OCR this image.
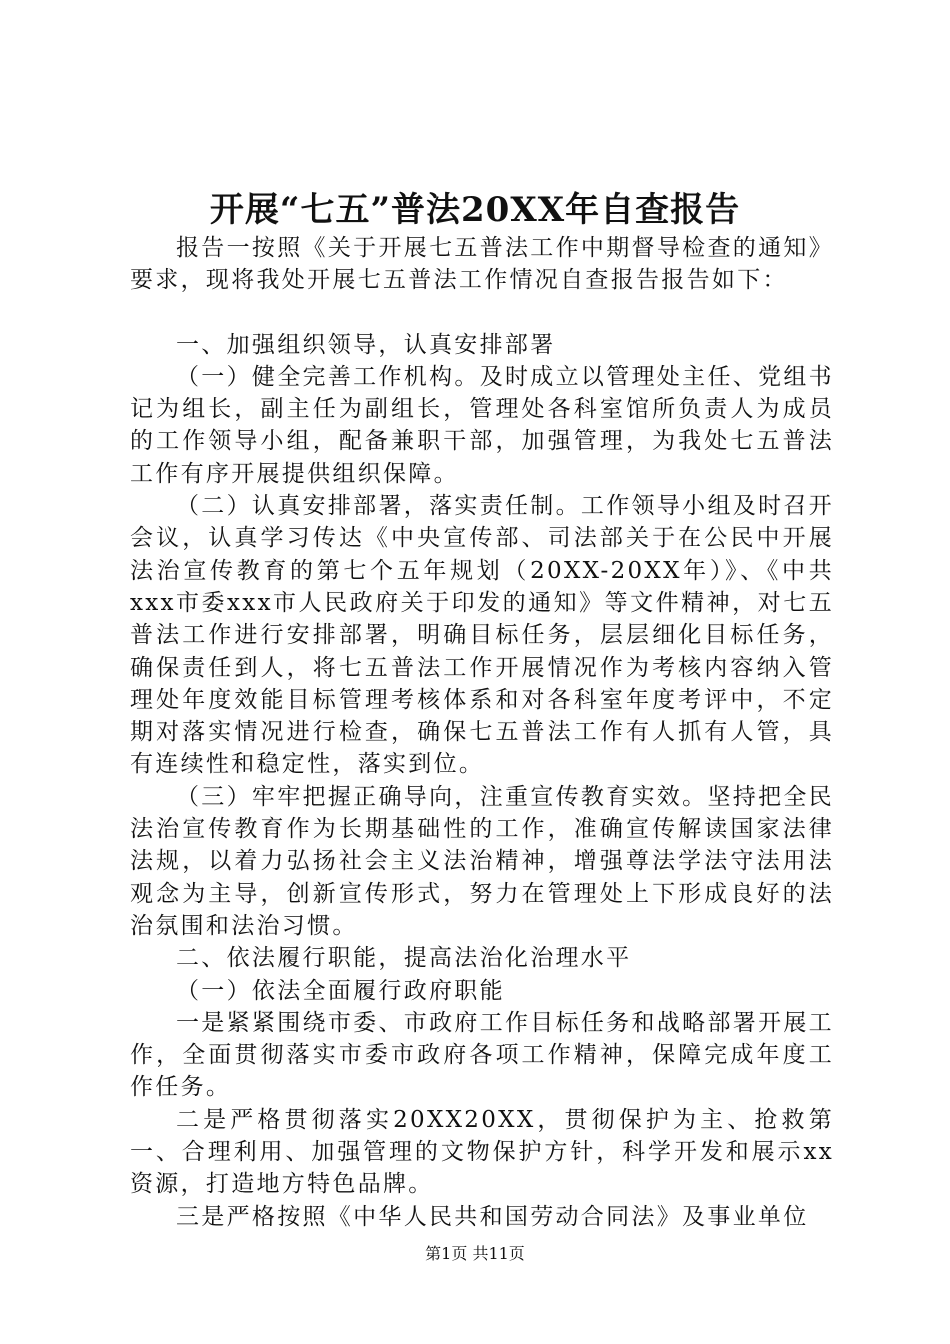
开展“七五”普法20XX年自查报告

报告一按照《关于开展七五普法工作中期督导检查的通知》要求，现将我处开展七五普法工作情况自查报告报告如下：

一、加强组织领导，认真安排部署

（一）健全完善工作机构。及时成立以管理处主任、党组书记为组长，副主任为副组长，管理处各科室馆所负责人为成员的工作领导小组，配备兼职干部，加强管理，为我处七五普法工作有序开展提供组织保障。

（二）认真安排部署，落实责任制。工作领导小组及时召开会议，认真学习传达《中央宣传部、司法部关于在公民中开展法治宣传教育的第七个五年规划（20XX-20XX年）》、《中共xxx市委xxx市人民政府关于印发的通知》等文件精神，对七五普法工作进行安排部署，明确目标任务，层层细化目标任务，确保责任到人，将七五普法工作开展情况作为考核内容纳入管理处年度效能目标管理考核体系和对各科室年度考评中，不定期对落实情况进行检查，确保七五普法工作有人抓有人管，具有连续性和稳定性，落实到位。

（三）牢牢把握正确导向，注重宣传教育实效。坚持把全民法治宣传教育作为长期基础性的工作，准确宣传解读国家法律法规，以着力弘扬社会主义法治精神，增强尊法学法守法用法观念为主导，创新宣传形式，努力在管理处上下形成良好的法治氛围和法治习惯。

二、依法履行职能，提高法治化治理水平

（一）依法全面履行政府职能

一是紧紧围绕市委、市政府工作目标任务和战略部署开展工作，全面贯彻落实市委市政府各项工作精神，保障完成年度工作任务。

二是严格贯彻落实20XX20XX，贯彻保护为主、抢救第一、合理利用、加强管理的文物保护方针，科学开发和展示xx资源，打造地方特色品牌。

三是严格按照《中华人民共和国劳动合同法》及事业单位

第1页 共11页
